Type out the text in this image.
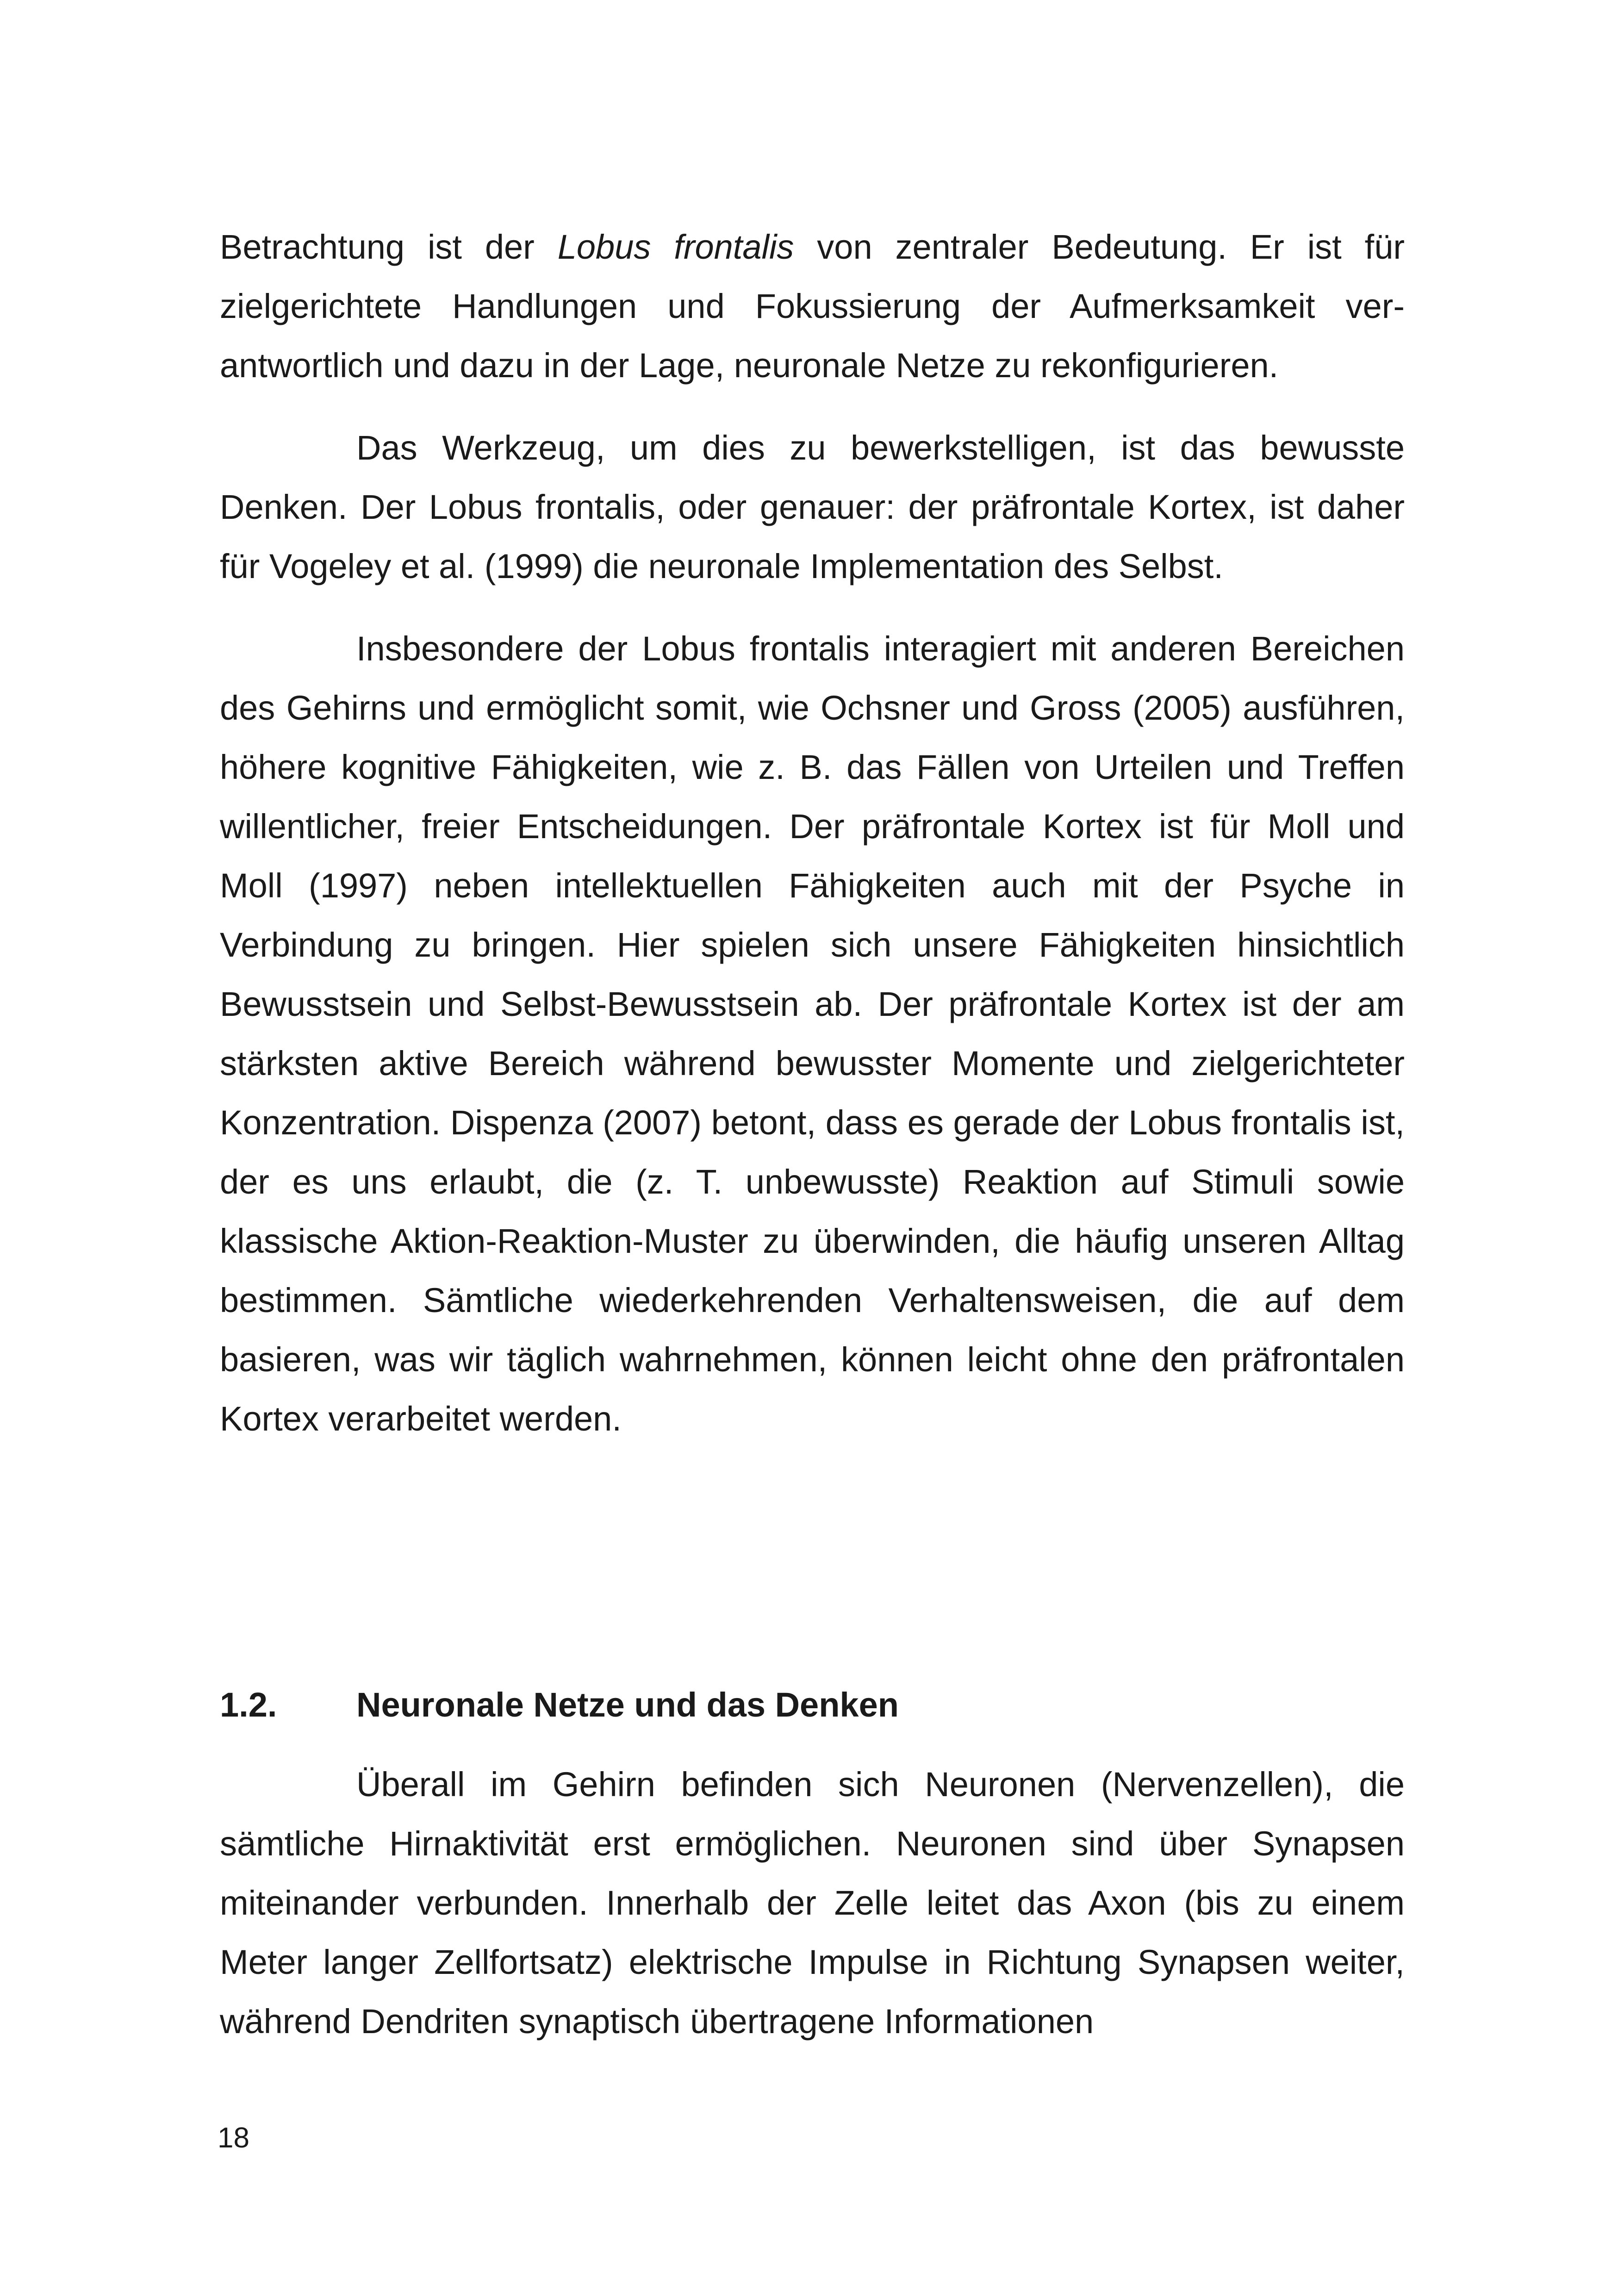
Betrachtung ist der Lobus frontalis von zentraler Bedeutung. Er ist für zielgerichtete Handlungen und Fokussierung der Aufmerksamkeit verantwortlich und dazu in der Lage, neuronale Netze zu rekonfigurieren.

Das Werkzeug, um dies zu bewerkstelligen, ist das bewusste Denken. Der Lobus frontalis, oder genauer: der präfrontale Kortex, ist daher für Vogeley et al. (1999) die neuronale Implementation des Selbst.

Insbesondere der Lobus frontalis interagiert mit anderen Bereichen des Gehirns und ermöglicht somit, wie Ochsner und Gross (2005) ausführen, höhere kognitive Fähigkeiten, wie z. B. das Fällen von Urteilen und Treffen willentlicher, freier Entscheidungen. Der präfrontale Kortex ist für Moll und Moll (1997) neben intellektuellen Fähigkeiten auch mit der Psyche in Verbindung zu bringen. Hier spielen sich unsere Fähigkeiten hinsichtlich Bewusstsein und Selbst-Bewusstsein ab. Der präfrontale Kortex ist der am stärksten aktive Bereich während bewusster Momente und zielgerichteter Konzentration. Dispenza (2007) betont, dass es gerade der Lobus frontalis ist, der es uns erlaubt, die (z. T. unbewusste) Reaktion auf Stimuli sowie klassische Aktion-Reaktion-Muster zu überwinden, die häufig unseren Alltag bestimmen. Sämtliche wiederkehrenden Verhaltensweisen, die auf dem basieren, was wir täglich wahrnehmen, können leicht ohne den präfrontalen Kortex verarbeitet werden.

1.2.	Neuronale Netze und das Denken

Überall im Gehirn befinden sich Neuronen (Nervenzellen), die sämtliche Hirnaktivität erst ermöglichen. Neuronen sind über Synapsen miteinander verbunden. Innerhalb der Zelle leitet das Axon (bis zu einem Meter langer Zellfortsatz) elektrische Impulse in Richtung Synapsen weiter, während Dendriten synaptisch übertragene Informationen

18
